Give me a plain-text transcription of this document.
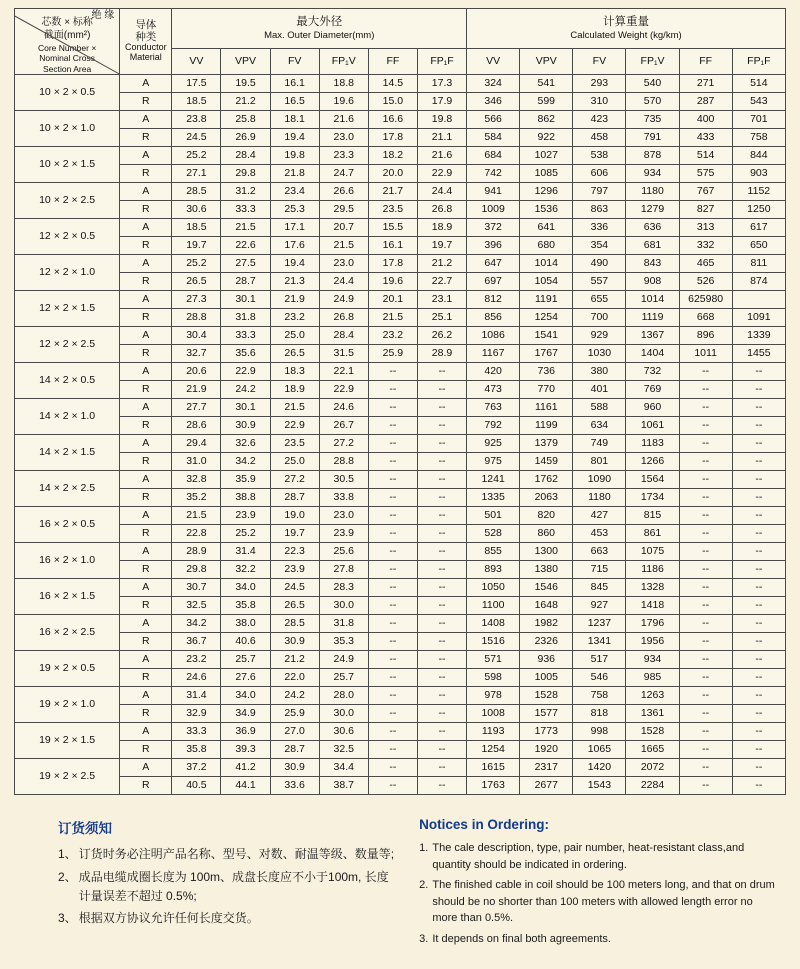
绝 缘
芯数 × 标称
截面(mm²)
Core Number ×
Nominal Cross
Section Area

导体
种类
Conductor
Material

最大外径
Max. Outer Diameter(mm)

计算重量
Calculated Weight (kg/km)

		VV	VPV	FV	FP₁V	FF	FP₁F	VV	VPV	FV	FP₁V	FF	FP₁F
10 × 2 × 0.5	A	17.5	19.5	16.1	18.8	14.5	17.3	324	541	293	540	271	514
	R	18.5	21.2	16.5	19.6	15.0	17.9	346	599	310	570	287	543
10 × 2 × 1.0	A	23.8	25.8	18.1	21.6	16.6	19.8	566	862	423	735	400	701
	R	24.5	26.9	19.4	23.0	17.8	21.1	584	922	458	791	433	758
10 × 2 × 1.5	A	25.2	28.4	19.8	23.3	18.2	21.6	684	1027	538	878	514	844
	R	27.1	29.8	21.8	24.7	20.0	22.9	742	1085	606	934	575	903
10 × 2 × 2.5	A	28.5	31.2	23.4	26.6	21.7	24.4	941	1296	797	1180	767	1152
	R	30.6	33.3	25.3	29.5	23.5	26.8	1009	1536	863	1279	827	1250
12 × 2 × 0.5	A	18.5	21.5	17.1	20.7	15.5	18.9	372	641	336	636	313	617
	R	19.7	22.6	17.6	21.5	16.1	19.7	396	680	354	681	332	650
12 × 2 × 1.0	A	25.2	27.5	19.4	23.0	17.8	21.2	647	1014	490	843	465	811
	R	26.5	28.7	21.3	24.4	19.6	22.7	697	1054	557	908	526	874
12 × 2 × 1.5	A	27.3	30.1	21.9	24.9	20.1	23.1	812	1191	655	1014	625980	
	R	28.8	31.8	23.2	26.8	21.5	25.1	856	1254	700	1119	668	1091
12 × 2 × 2.5	A	30.4	33.3	25.0	28.4	23.2	26.2	1086	1541	929	1367	896	1339
	R	32.7	35.6	26.5	31.5	25.9	28.9	1167	1767	1030	1404	1011	1455
14 × 2 × 0.5	A	20.6	22.9	18.3	22.1	--	--	420	736	380	732	--	--
	R	21.9	24.2	18.9	22.9	--	--	473	770	401	769	--	--
14 × 2 × 1.0	A	27.7	30.1	21.5	24.6	--	--	763	1161	588	960	--	--
	R	28.6	30.9	22.9	26.7	--	--	792	1199	634	1061	--	--
14 × 2 × 1.5	A	29.4	32.6	23.5	27.2	--	--	925	1379	749	1183	--	--
	R	31.0	34.2	25.0	28.8	--	--	975	1459	801	1266	--	--
14 × 2 × 2.5	A	32.8	35.9	27.2	30.5	--	--	1241	1762	1090	1564	--	--
	R	35.2	38.8	28.7	33.8	--	--	1335	2063	1180	1734	--	--
16 × 2 × 0.5	A	21.5	23.9	19.0	23.0	--	--	501	820	427	815	--	--
	R	22.8	25.2	19.7	23.9	--	--	528	860	453	861	--	--
16 × 2 × 1.0	A	28.9	31.4	22.3	25.6	--	--	855	1300	663	1075	--	--
	R	29.8	32.2	23.9	27.8	--	--	893	1380	715	1186	--	--
16 × 2 × 1.5	A	30.7	34.0	24.5	28.3	--	--	1050	1546	845	1328	--	--
	R	32.5	35.8	26.5	30.0	--	--	1100	1648	927	1418	--	--
16 × 2 × 2.5	A	34.2	38.0	28.5	31.8	--	--	1408	1982	1237	1796	--	--
	R	36.7	40.6	30.9	35.3	--	--	1516	2326	1341	1956	--	--
19 × 2 × 0.5	A	23.2	25.7	21.2	24.9	--	--	571	936	517	934	--	--
	R	24.6	27.6	22.0	25.7	--	--	598	1005	546	985	--	--
19 × 2 × 1.0	A	31.4	34.0	24.2	28.0	--	--	978	1528	758	1263	--	--
	R	32.9	34.9	25.9	30.0	--	--	1008	1577	818	1361	--	--
19 × 2 × 1.5	A	33.3	36.9	27.0	30.6	--	--	1193	1773	998	1528	--	--
	R	35.8	39.3	28.7	32.5	--	--	1254	1920	1065	1665	--	--
19 × 2 × 2.5	A	37.2	41.2	30.9	34.4	--	--	1615	2317	1420	2072	--	--
	R	40.5	44.1	33.6	38.7	--	--	1763	2677	1543	2284	--	--
订货须知
1、 订货时务必注明产品名称、型号、对数、耐温等级、数量等;
2、 成品电缆成圈长度为 100m、成盘长度应不小于100m, 长度计量误差不超过 0.5%;
3、 根据双方协议允许任何长度交货。
Notices in Ordering:
1. The cale description, type, pair number, heat-resistant class,and quantity should be indicated in ordering.
2. The finished cable in coil should be 100 meters long, and that on drum should be no shorter than 100 meters with allowed length error no more than 0.5%.
3. It depends on final both agreements.
